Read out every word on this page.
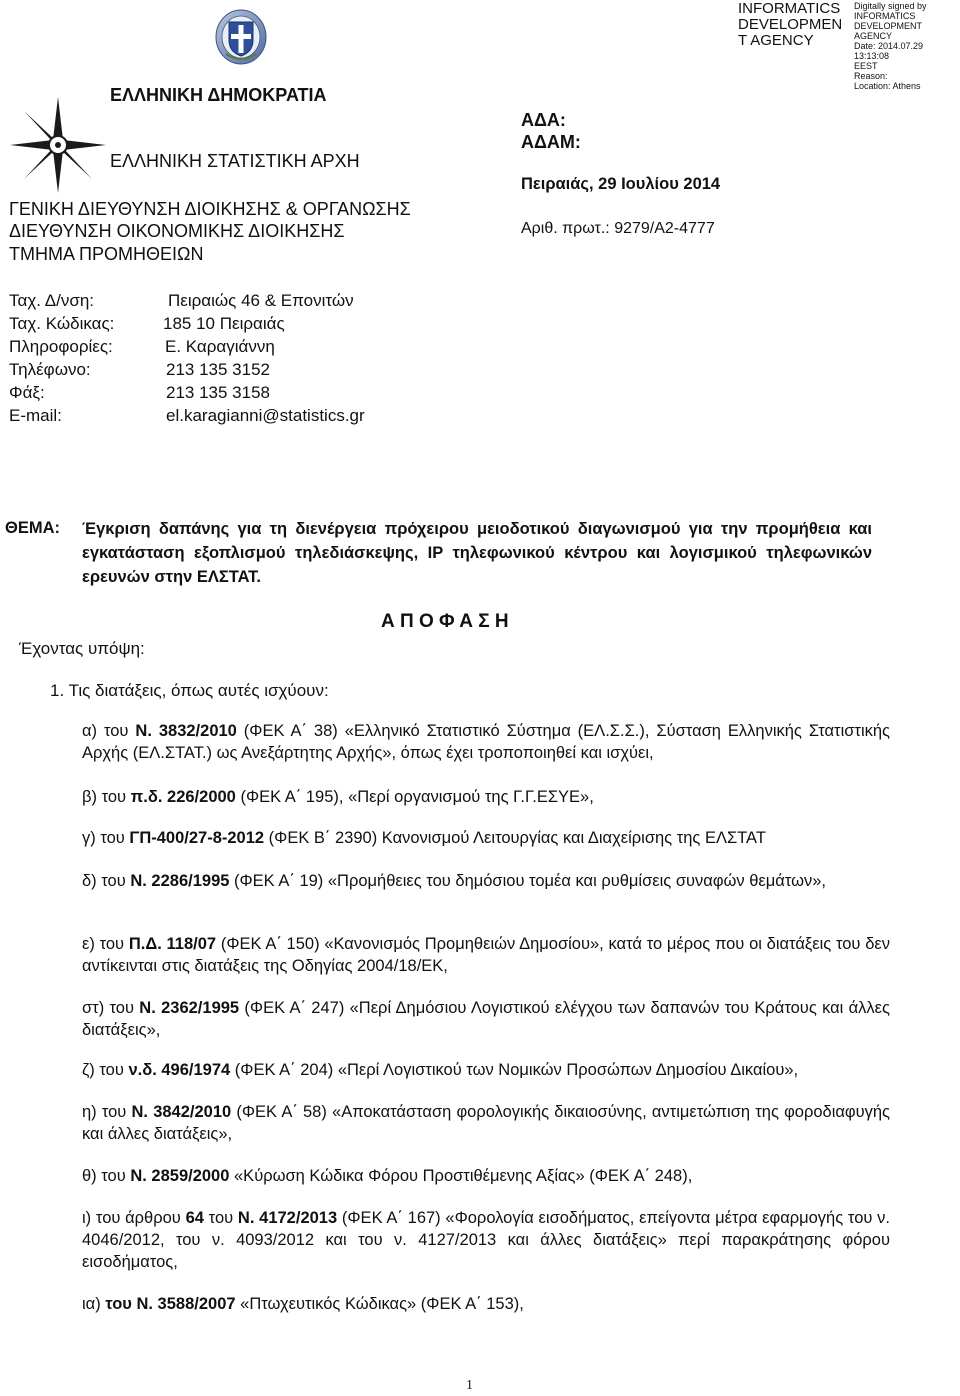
INFORMATICS
DEVELOPMEN
T AGENCY
Digitally signed by
INFORMATICS
DEVELOPMENT AGENCY
Date: 2014.07.29 13:13:08
EEST
Reason:
Location: Athens
ΕΛΛΗΝΙΚΗ ΔΗΜΟΚΡΑΤΙΑ
ΕΛΛΗΝΙΚΗ ΣΤΑΤΙΣΤΙΚΗ ΑΡΧΗ
ΓΕΝΙΚΗ ΔΙΕΥΘΥΝΣΗ ΔΙΟΙΚΗΣΗΣ & ΟΡΓΑΝΩΣΗΣ
ΔΙΕΥΘΥΝΣΗ ΟΙΚΟΝΟΜΙΚΗΣ ΔΙΟΙΚΗΣΗΣ
ΤΜΗΜΑ ΠΡΟΜΗΘΕΙΩΝ
ΑΔΑ:
ΑΔΑΜ:
Πειραιάς, 29 Ιουλίου 2014
Αριθ. πρωτ.: 9279/Α2-4777
Ταχ. Δ/νση:	Πειραιώς 46 & Επονιτών
Ταχ. Κώδικας:	185 10 Πειραιάς
Πληροφορίες:	Ε. Καραγιάννη
Τηλέφωνο:	213 135 3152
Φάξ:	213 135 3158
E-mail:	el.karagianni@statistics.gr
ΘΕΜΑ: Έγκριση δαπάνης για τη διενέργεια πρόχειρου μειοδοτικού διαγωνισμού για την προμήθεια και εγκατάσταση εξοπλισμού τηλεδιάσκεψης, IP τηλεφωνικού κέντρου και λογισμικού τηλεφωνικών ερευνών στην ΕΛΣΤΑΤ.
Α Π Ο Φ Α Σ Η
Έχοντας υπόψη:
1. Τις διατάξεις, όπως αυτές ισχύουν:
α) του Ν. 3832/2010 (ΦΕΚ Α΄ 38) «Ελληνικό Στατιστικό Σύστημα (ΕΛ.Σ.Σ.), Σύσταση Ελληνικής Στατιστικής Αρχής (ΕΛ.ΣΤΑΤ.) ως Ανεξάρτητης Αρχής», όπως έχει τροποποιηθεί και ισχύει,
β) του π.δ. 226/2000 (ΦΕΚ Α΄ 195), «Περί οργανισμού της Γ.Γ.ΕΣΥΕ»,
γ) του ΓΠ-400/27-8-2012 (ΦΕΚ Β΄ 2390) Κανονισμού Λειτουργίας και Διαχείρισης της ΕΛΣΤΑΤ
δ) του Ν. 2286/1995 (ΦΕΚ Α΄ 19) «Προμήθειες του δημόσιου τομέα και ρυθμίσεις συναφών θεμάτων»,
ε) του Π.Δ. 118/07 (ΦΕΚ Α΄ 150) «Κανονισμός Προμηθειών Δημοσίου», κατά το μέρος που οι διατάξεις του δεν αντίκεινται στις διατάξεις της Οδηγίας 2004/18/ΕΚ,
στ) του Ν. 2362/1995 (ΦΕΚ Α΄ 247) «Περί Δημόσιου Λογιστικού ελέγχου των δαπανών του Κράτους και άλλες διατάξεις»,
ζ) του ν.δ. 496/1974 (ΦΕΚ Α΄ 204) «Περί Λογιστικού των Νομικών Προσώπων Δημοσίου Δικαίου»,
η) του Ν. 3842/2010 (ΦΕΚ Α΄ 58) «Αποκατάσταση φορολογικής δικαιοσύνης, αντιμετώπιση της φοροδιαφυγής και άλλες διατάξεις»,
θ) του Ν. 2859/2000 «Κύρωση Κώδικα Φόρου Προστιθέμενης Αξίας» (ΦΕΚ Α΄ 248),
ι) του άρθρου 64 του Ν. 4172/2013 (ΦΕΚ Α΄ 167) «Φορολογία εισοδήματος, επείγοντα μέτρα εφαρμογής του ν. 4046/2012, του ν. 4093/2012 και του ν. 4127/2013 και άλλες διατάξεις» περί παρακράτησης φόρου εισοδήματος,
ια) του Ν. 3588/2007 «Πτωχευτικός Κώδικας» (ΦΕΚ Α΄ 153),
1
